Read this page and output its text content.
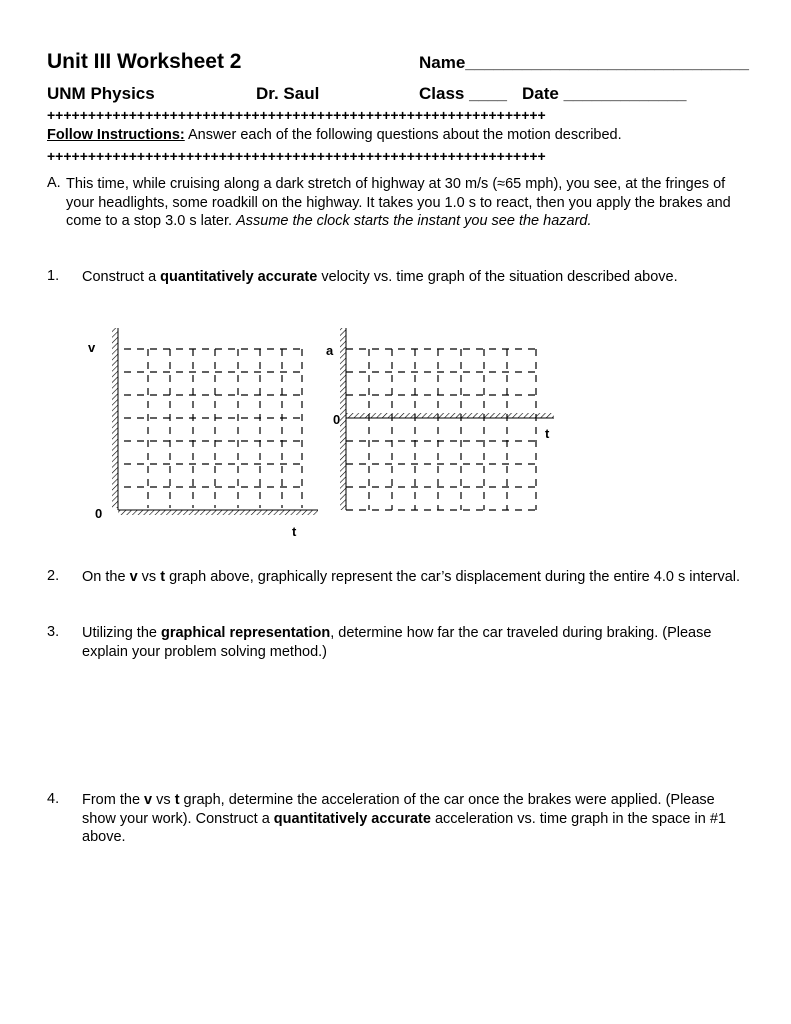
Unit III Worksheet 2	Name______________________________
UNM Physics	Dr. Saul	Class ____ Date _____________
+++++++++++++++++++++++++++++++++++++++++++++++++++++++++++++
Follow Instructions: Answer each of the following questions about the motion described.
+++++++++++++++++++++++++++++++++++++++++++++++++++++++++++++
A. This time, while cruising along a dark stretch of highway at 30 m/s (≈65 mph), you see, at the fringes of your headlights, some roadkill on the highway. It takes you 1.0 s to react, then you apply the brakes and come to a stop 3.0 s later. Assume the clock starts the instant you see the hazard.
1. Construct a quantitatively accurate velocity vs. time graph of the situation described above.
v
0
t
a
0
t
2. On the v vs t graph above, graphically represent the car’s displacement during the entire 4.0 s interval.
3. Utilizing the graphical representation, determine how far the car traveled during braking. (Please explain your problem solving method.)
4. From the v vs t graph, determine the acceleration of the car once the brakes were applied. (Please show your work). Construct a quantitatively accurate acceleration vs. time graph in the space in #1 above.
